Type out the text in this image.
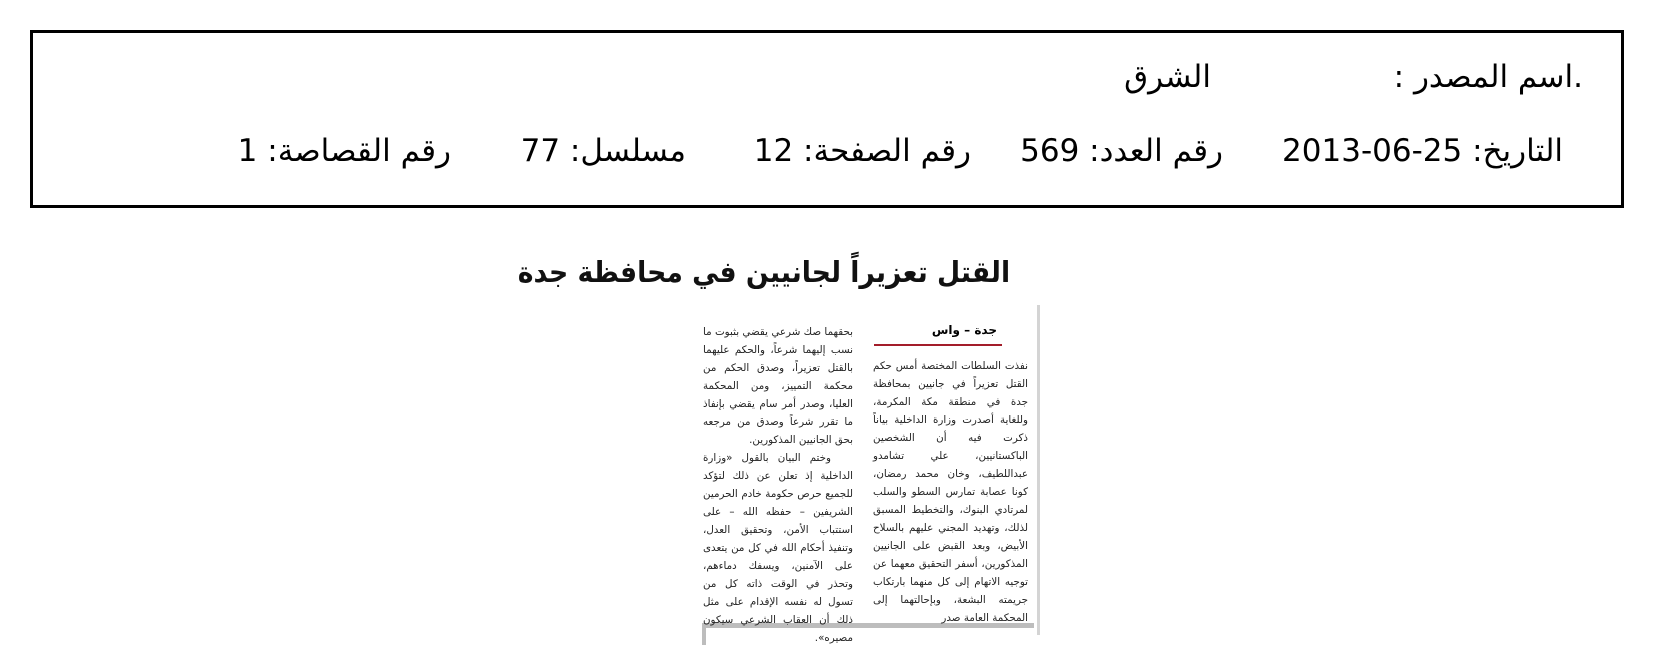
.اسم المصدر :
الشرق
التاريخ: 25-06-2013
رقم العدد: 569
رقم الصفحة: 12
مسلسل: 77
رقم القصاصة: 1
القتل تعزيراً لجانيين في محافظة جدة
جدة – واس

نفذت السلطات المختصة أمس حكم القتل تعزيراً في جانيين بمحافظة جدة في منطقة مكة المكرمة، وللغاية أصدرت وزارة الداخلية بياناً ذكرت فيه أن الشخصين الباكستانيين، علي تشامدو عبداللطيف، وخان محمد رمضان، كونا عصابة تمارس السطو والسلب لمرتادي البنوك، والتخطيط المسبق لذلك، وتهديد المجني عليهم بالسلاح الأبيض، وبعد القبض على الجانيين المذكورين، أسفر التحقيق معهما عن توجيه الاتهام إلى كل منهما بارتكاب جريمته البشعة، وبإحالتهما إلى المحكمة العامة صدر

بحقهما صك شرعي يقضي بثبوت ما نسب إليهما شرعاً، والحكم عليهما بالقتل تعزيراً، وصدق الحكم من محكمة التمييز، ومن المحكمة العليا، وصدر أمر سام يقضي بإنفاذ ما تقرر شرعاً وصدق من مرجعه بحق الجانيين المذكورين.

وختم البيان بالقول «وزارة الداخلية إذ تعلن عن ذلك لتؤكد للجميع حرص حكومة خادم الحرمين الشريفين – حفظه الله – على استتباب الأمن، وتحقيق العدل، وتنفيذ أحكام الله في كل من يتعدى على الآمنين، ويسفك دماءهم، وتحذر في الوقت ذاته كل من تسول له نفسه الإقدام على مثل ذلك أن العقاب الشرعي سيكون مصيره».
